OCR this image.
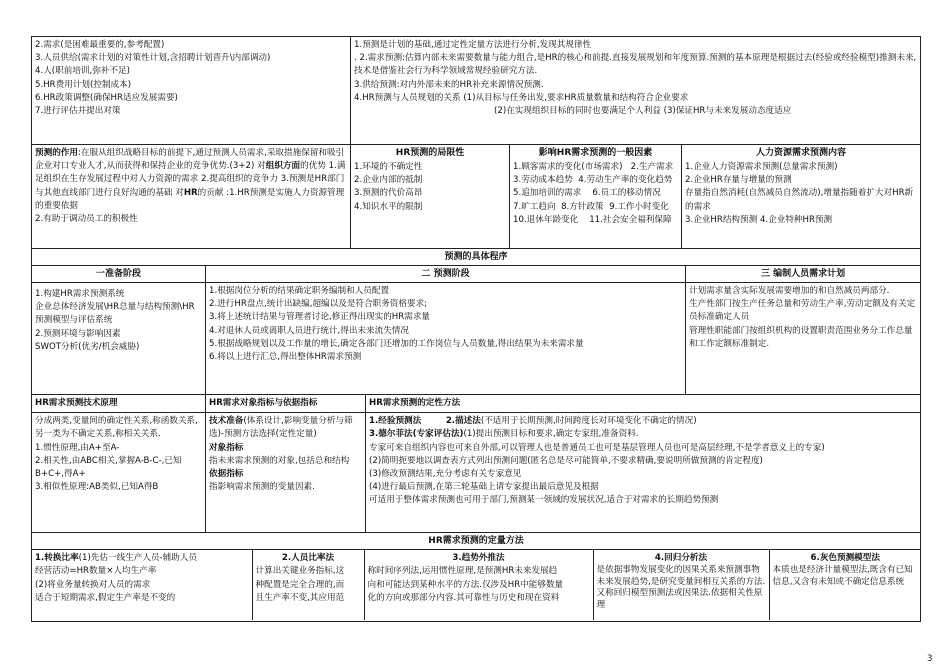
2.需求(是困难最重要的,参考配置)
3.人员供给(需求计划的对策性计划,含招聘计划晋升\内部调动)
4.人(职前培训,弥补不足)
5.HR费用计划(控制成本)
6.HR政策调整(确保HR适应发展需要)
7.进行评估并提出对策

1.预测是计划的基础,通过定性定量方法进行分析,发现其规律性
. 2.需求预测:估算内部未来需要数量与能力组合,是HR的核心和前提.直接发展规划和年度预算.预测的基本原理是根据过去(经验或经验模型)推测未来,技术是借鉴社会行为科学领域常规经验研究方法.
3.供给预测:对内外部未来的HR补充来源情况预测.
4.HR预测与人员规划的关系 (1)从目标与任务出发,要求HR质量数量和结构符合企业要求
(2)在实现组织目标的同时也要满足个人利益 (3)保证HR与未来发展动态度适应

预测的作用:在服从组织战略目标的前提下,通过预测人员需求,采取措施保留和吸引企业对口专业人才,从而获得和保持企业的竞争优势.(3+2) 对组织方面的优势 1.满足组织在生存发展过程中对人力资源的需求 2.提高组织的竞争力 3.预测是HR部门与其他直线部门进行良好沟通的基础 对HR的贡献 :1.HR预测是实施人力资源管理的重要依据
2.有助于调动员工的积极性

HR预测的局限性
1.环境的不确定性
2.企业内部的抵制
3.预测的代价高昂
4.知识水平的限制

影响HR需求预测的一般因素
1.顾客需求的变化(市场需求) 2.生产需求
3.劳动成本趋势 4.劳动生产率的变化趋势
5.追加培训的需求 6.员工的移动情况
7.旷工趋向 8.方针政策 9.工作小时变化
10.退休年龄变化 11.社会安全福利保障

人力资源需求预测内容
1.企业人力资源需求预测(总量需求预测)
2.企业HR存量与增量的预测
存量指自然消耗(自然减员自然流动),增量指随着扩大对HR新的需求
3.企业HR结构预测 4.企业特种HR预测

预测的具体程序
一准备阶段	二 预测阶段	三 编制人员需求计划

1.构建HR需求预测系统
企业总体经济发展\HR总量与结构预测\HR预测模型与评估系统
2.预测环境与影响因素
SWOT分析(优劣/机会威胁)

1.根据岗位分析的结果确定职务编制和人员配置
2.进行HR盘点,统计出缺编,超编以及是符合职务资格要求;
3.将上述统计结果与管理者讨论,修正得出现实的HR需求量
4.对退休人员或离职人员进行统计,得出未来流失情况
5.根据战略规划以及工作量的增长,确定各部门还增加的工作岗位与人员数量,得出结果为未来需求量
6.将以上进行汇总,得出整体HR需求预测

计划需求量含实际发展需要增加的和自然减员两部分.
生产性部门按生产任务总量和劳动生产率,劳动定额及有关定员标准确定人员
管理性职能部门按组织机构的设置职责范围业务分工作总量和工作定额标准制定.

HR需求预测技术原理	HR需求对象指标与依据指标	HR需求预测的定性方法

分成两类,变量间的确定性关系,称函数关系,另一类为不确定关系,称相关关系.
1.惯性原理,由A+至A-
2.相关性,由ABC相关,掌握A-B-C-,已知B+C+,得A+
3.相似性原理:AB类似,已知A得B
	技术准备(体系设计,影响变量分析与筛选)-预测方法选择(定性定量)
对象指标
指未来需求预测的对象,包括总和结构
依据指标
指影响需求预测的变量因素.

1.经验预测法	2.描述法(不适用于长期预测,时间跨度长对环境变化不确定的情况)
3.德尔菲法(专家评估法)(1)提出预测目标和要求,确定专家组,准备资料.
专家可来自组织内容也可来自外部,可以管理人也是普通员工也可是基层管理人员也可是高层经理,不是学者意义上的专家)
(2)简明扼要地以调查表方式列出预测问题(匿名总是尽可能简单,不要求精确,要说明所做预测的肯定程度)
(3)修改预测结果,充分考虑有关专家意见
(4)进行最后预测,在第三轮基础上请专家提出最后意见及根据
可适用于整体需求预测也可用于部门,预测某一领域的发展状况,适合于对需求的长期趋势预测

HR需求预测的定量方法

1.转换比率(1)先估一线生产人员-辅助人员
经营活动=HR数量×人均生产率
(2)将业务量转换对人员的需求
适合于短期需求,假定生产率是不变的

2.人员比率法
计算出关键业务指标,这
种配置是完全合理的,而
且生产率不变,其应用范

3.趋势外推法
称时间序列法,运用惯性原理,是预测HR未来发展趋
向和可能达到某种水平的方法.仅涉及HR中能够数量
化的方向或那部分内容.其可靠性与历史和现在资料

4.回归分析法
是依据事物发展变化的因果关系来预测事物未来发展趋势,是研究变量间相互关系的方法.又称回归模型预测法或因果法.依据相关性原理	
6.灰色预测模型法
本质也是经济计量模型法,既含有已知信息,又含有未知或不确定信息系统
3
